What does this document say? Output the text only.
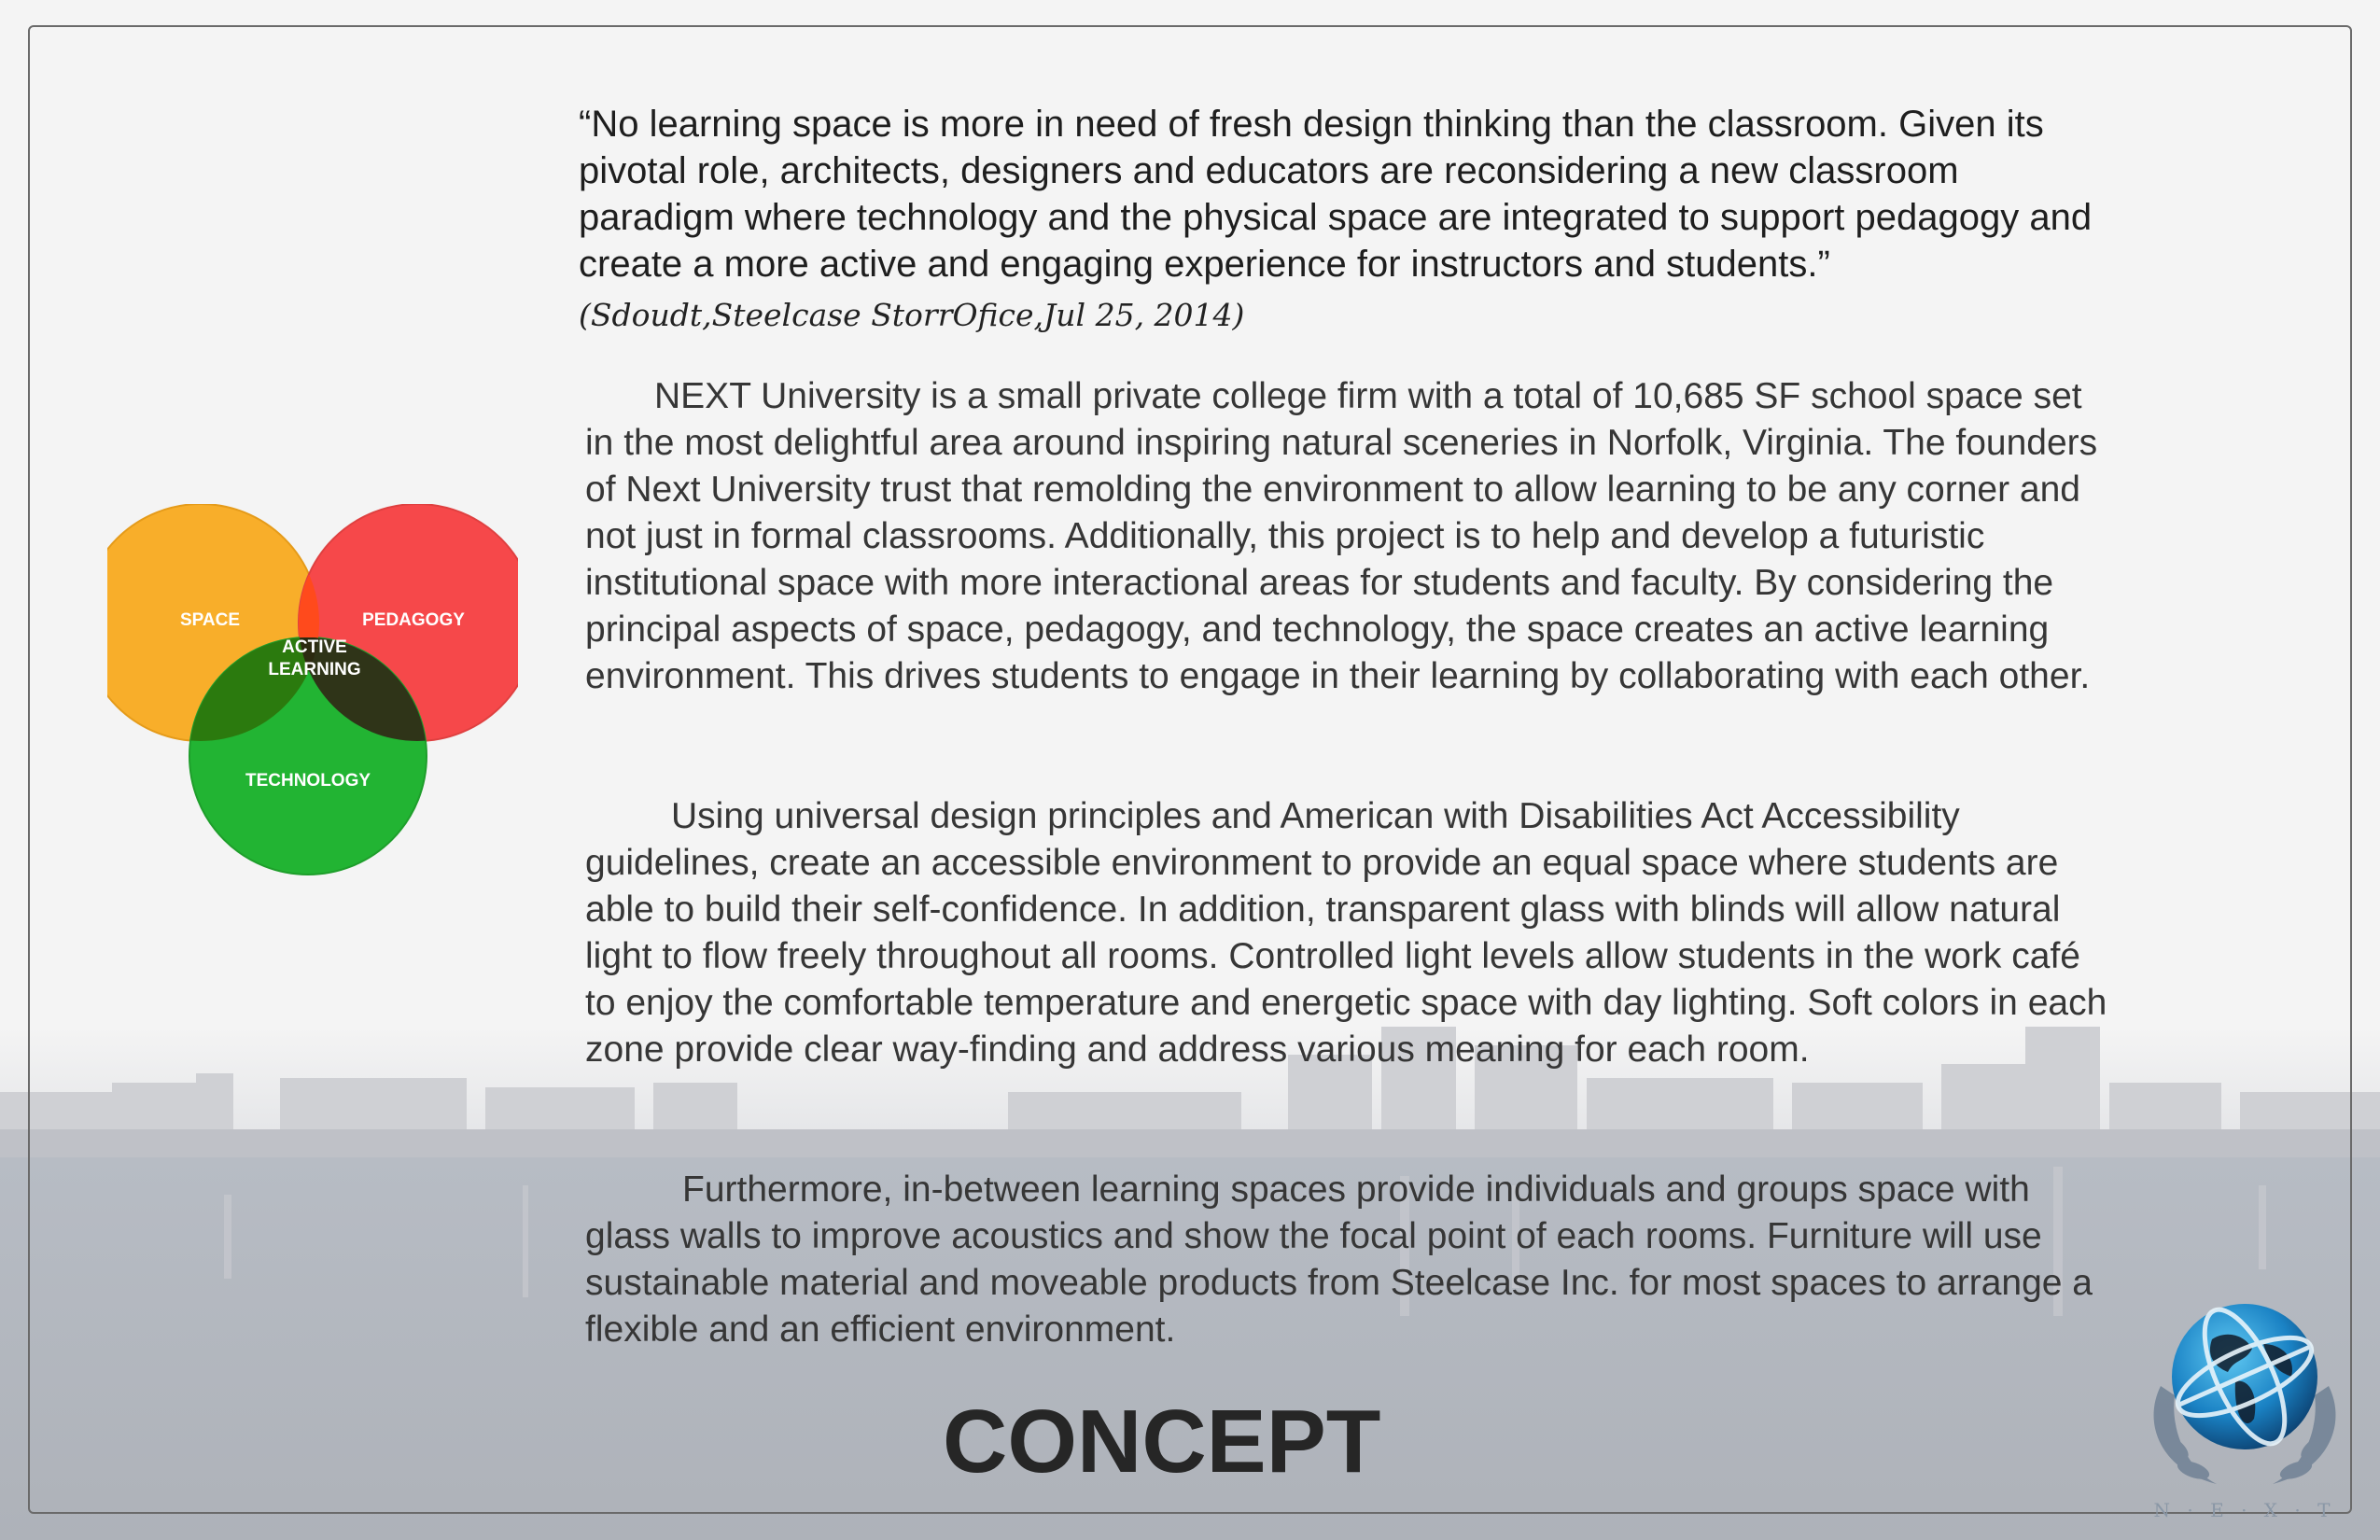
“No learning space is more in need of fresh design thinking than the classroom. Given its pivotal role, architects, designers and educators are reconsidering a new classroom paradigm where technology and the physical space are integrated to support pedagogy and create a more active and engaging experience for instructors and students.”

(Sdoudt,Steelcase StorrOfice,Jul 25, 2014)

NEXT University is a small private college firm with a total of 10,685 SF school space set in the most delightful area around inspiring natural sceneries in Norfolk, Virginia. The founders of Next University trust that remolding the environment to allow learning to be any corner and not just in formal classrooms. Additionally, this project is to help and develop a futuristic institutional space with more interactional areas for students and faculty. By considering the principal aspects of space, pedagogy, and technology, the space creates an active learning environment. This drives students to engage in their learning by collaborating with each other.

Using universal design principles and American with Disabilities Act Accessibility guidelines, create an accessible environment to provide an equal space where students are able to build their self-confidence. In addition, transparent glass with blinds will allow natural light to flow freely throughout all rooms. Controlled light levels allow students in the work café to enjoy the comfortable temperature and energetic space with day lighting. Soft colors in each zone provide clear way-finding and address various meaning for each room.

Furthermore, in-between learning spaces provide individuals and groups space with glass walls to improve acoustics and show the focal point of each rooms. Furniture will use sustainable material and moveable products from Steelcase Inc. for most spaces to arrange a flexible and an efficient environment.

SPACE	PEDAGOGY
TECHNOLOGY
ACTIVE
LEARNING
N · E · X · T
CONCEPT
